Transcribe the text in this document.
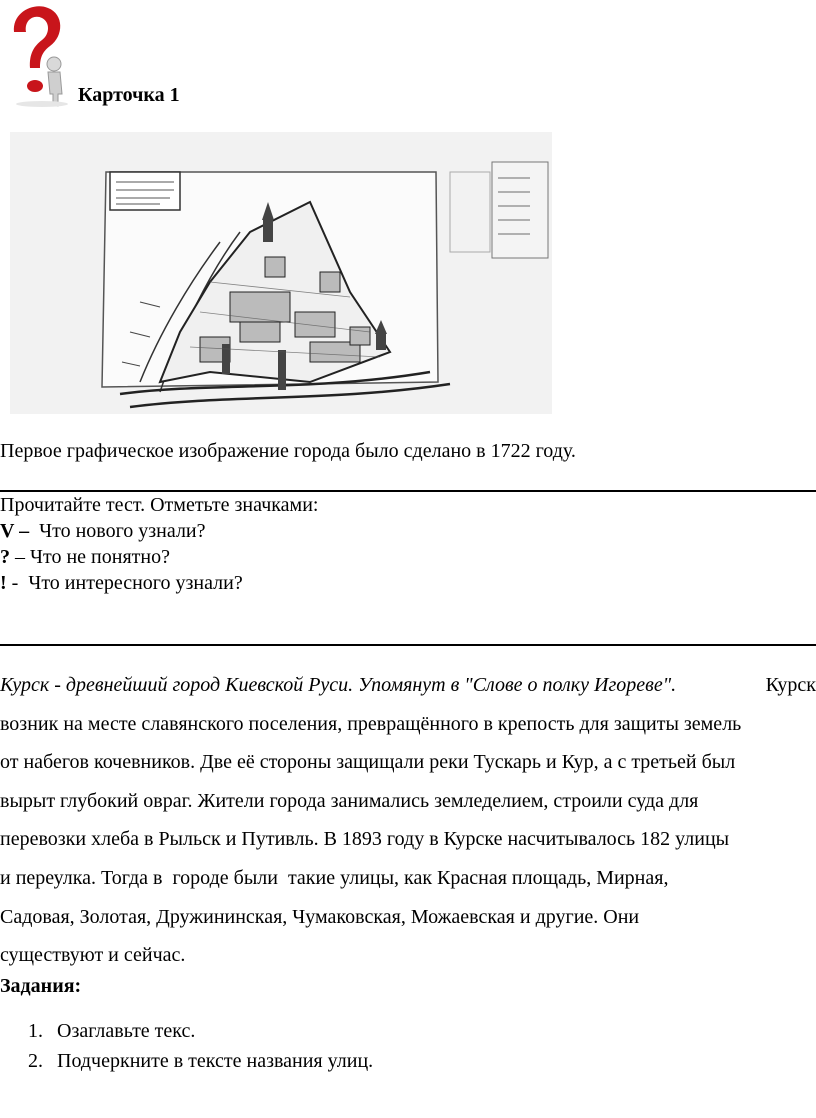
Карточка 1
Первое графическое изображение города было сделано в 1722 году.
Прочитайте тест. Отметьте значками:
V –  Что нового узнали?
? – Что не понятно?
! -  Что интересного узнали?
Курск - древнейший город Киевской Руси. Упомянут в "Слове о полку Игореве".	Курск
возник на месте славянского поселения, превращённого в крепость для защиты земель
от набегов кочевников. Две её стороны защищали реки Тускарь и Кур, а с третьей был
вырыт глубокий овраг. Жители города занимались земледелием, строили суда для
перевозки хлеба в Рыльск и Путивль. В 1893 году в Курске насчитывалось 182 улицы
и переулка. Тогда в  городе были  такие улицы, как Красная площадь, Мирная,
Садовая, Золотая, Дружининская, Чумаковская, Можаевская и другие. Они
существуют и сейчас.
Задания:
1. Озаглавьте текс.
2. Подчеркните в тексте названия улиц.
